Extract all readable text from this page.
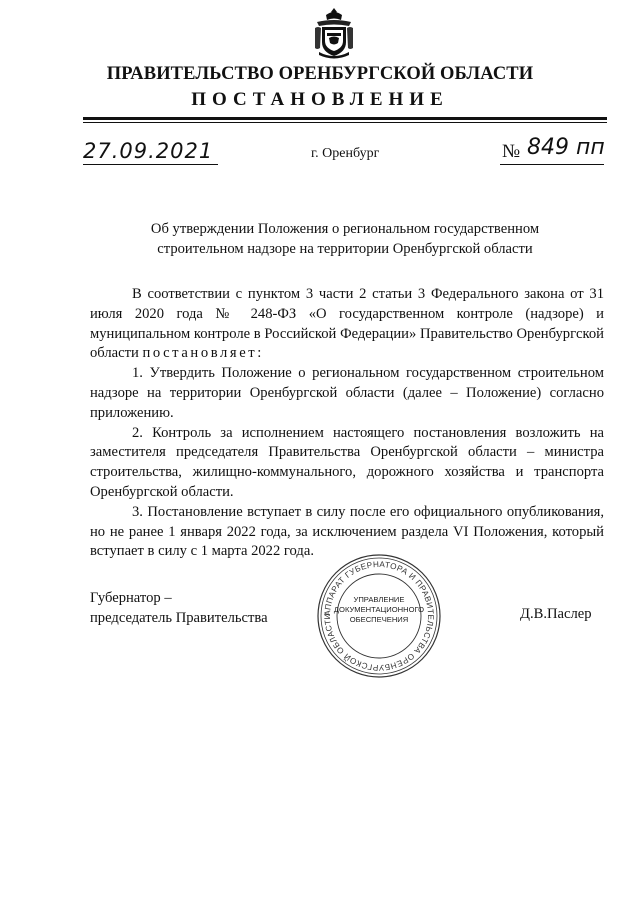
ПРАВИТЕЛЬСТВО ОРЕНБУРГСКОЙ ОБЛАСТИ
ПОСТАНОВЛЕНИЕ
27.09.2021	г. Оренбург	№ 849 пп
Об утверждении Положения о региональном государственном
строительном надзоре на территории Оренбургской области

В соответствии с пунктом 3 части 2 статьи 3 Федерального закона от 31 июля 2020 года № 248-ФЗ «О государственном контроле (надзоре) и муниципальном контроле в Российской Федерации» Правительство Оренбургской области постановляет:

1. Утвердить Положение о региональном государственном строительном надзоре на территории Оренбургской области (далее – Положение) согласно приложению.

2. Контроль за исполнением настоящего постановления возложить на заместителя председателя Правительства Оренбургской области – министра строительства, жилищно-коммунального, дорожного хозяйства и транспорта Оренбургской области.

3. Постановление вступает в силу после его официального опубликования, но не ранее 1 января 2022 года, за исключением раздела VI Положения, который вступает в силу с 1 марта 2022 года.

Губернатор –
председатель Правительства	Д.В.Паслер
АППАРАТ ГУБЕРНАТОРА И ПРАВИТЕЛЬСТВА ОРЕНБУРГСКОЙ ОБЛАСТИ
УПРАВЛЕНИЕ
ДОКУМЕНТАЦИОННОГО
ОБЕСПЕЧЕНИЯ
